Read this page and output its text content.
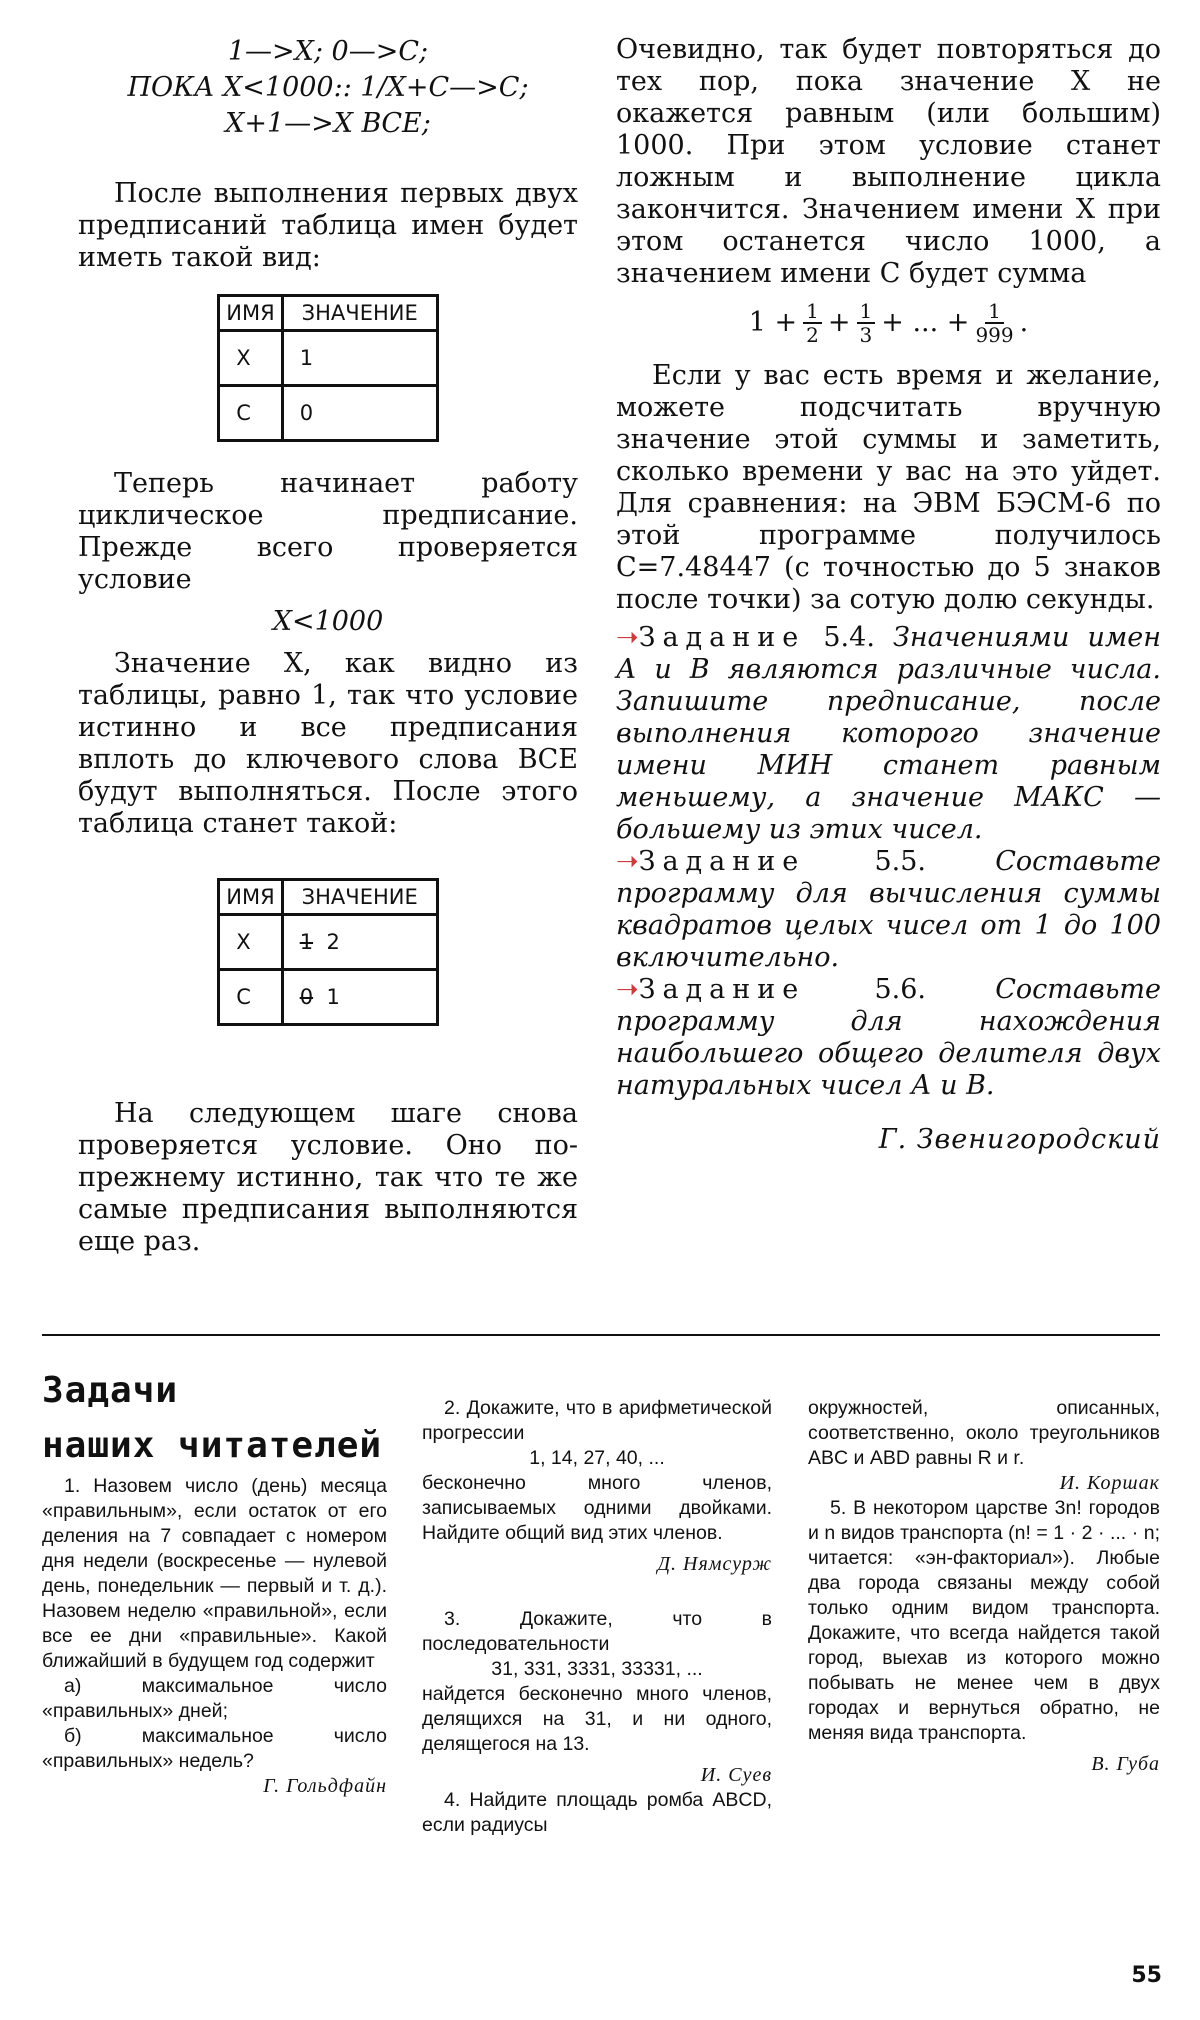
1—>X; 0—>C;
ПОКА X<1000:: 1/X+C—>C;
X+1—>X ВСЕ;

После выполнения первых двух предписаний таблица имен будет иметь такой вид:

ИМЯ	ЗНАЧЕНИЕ
X	1
C	0

Теперь начинает работу циклическое предписание. Прежде всего проверяется условие

X<1000

Значение X, как видно из таблицы, равно 1, так что условие истинно и все предписания вплоть до ключевого слова ВСЕ будут выполняться. После этого таблица станет такой:

ИМЯ	ЗНАЧЕНИЕ
X	1 2
C	0 1

На следующем шаге снова проверяется условие. Оно по-прежнему истинно, так что те же самые предписания выполняются еще раз.

Очевидно, так будет повторяться до тех пор, пока значение X не окажется равным (или большим) 1000. При этом условие станет ложным и выполнение цикла закончится. Значением имени X при этом останется число 1000, а значением имени C будет сумма

$1 + \frac{1}{2} + \frac{1}{3}$ + ... + $\frac{1}{999}$ .

Если у вас есть время и желание, можете подсчитать вручную значение этой суммы и заметить, сколько времени у вас на это уйдет. Для сравнения: на ЭВМ БЭСМ-6 по этой программе получилось C=7.48447 (с точностью до 5 знаков после точки) за сотую долю секунды.

➝Задание 5.4. Значениями имен А и В являются различные числа. Запишите предписание, после выполнения которого значение имени МИН станет равным меньшему, а значение МАКС — большему из этих чисел.
➝Задание	5.5.	Составьте программу для вычисления суммы квадратов целых чисел от 1 до 100 включительно.
➝Задание	5.6.	Составьте программу для нахождения наибольшего общего делителя двух натуральных чисел А и В.
Г. Звенигородский
Задачи
наших читателей

1. Назовем число (день) месяца «правильным», если остаток от его деления на 7 совпадает с номером дня недели (воскресенье — нулевой день, понедельник — первый и т. д.). Назовем неделю «правильной», если все ее дни «правильные». Какой ближайший в будущем год содержит

а) максимальное число «правильных» дней;

б) максимальное число «правильных» недель?

Г. Гольдфайн

2. Докажите, что в арифметической прогрессии

1, 14, 27, 40, ...

бесконечно много членов, записываемых одними двойками. Найдите общий вид этих членов.

Д. Нямсурж

3. Докажите, что в последовательности

31, 331, 3331, 33331, ...

найдется бесконечно много членов, делящихся на 31, и ни одного, делящегося на 13.

И. Суев

4. Найдите площадь ромба ABCD, если радиусы

окружностей, описанных, соответственно, около треугольников ABC и ABD равны R и r.

И. Коршак

5. В некотором царстве 3n! городов и n видов транспорта (n! = 1 · 2 · ... · n; читается: «эн-факториал»). Любые два города связаны между собой только одним видом транспорта. Докажите, что всегда найдется такой город, выехав из которого можно побывать не менее чем в двух городах и вернуться обратно, не меняя вида транспорта.

В. Губа
55
